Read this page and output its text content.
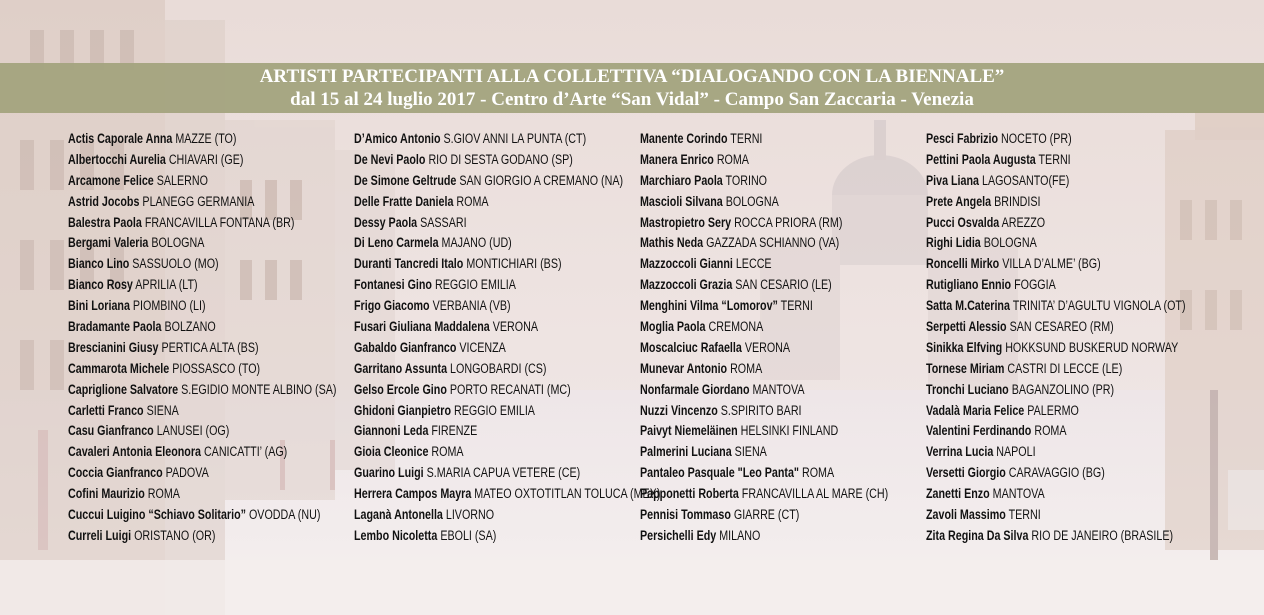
ARTISTI PARTECIPANTI ALLA COLLETTIVA “DIALOGANDO CON LA BIENNALE”
dal 15 al 24 luglio 2017 - Centro d’Arte “San Vidal” - Campo San Zaccaria - Venezia
Actis Caporale Anna MAZZE (TO)
Albertocchi Aurelia CHIAVARI (GE)
Arcamone Felice SALERNO
Astrid Jocobs PLANEGG GERMANIA
Balestra Paola FRANCAVILLA FONTANA (BR)
Bergami Valeria BOLOGNA
Bianco Lino SASSUOLO (MO)
Bianco Rosy APRILIA (LT)
Bini Loriana PIOMBINO (LI)
Bradamante Paola BOLZANO
Brescianini Giusy PERTICA ALTA (BS)
Cammarota Michele PIOSSASCO (TO)
Capriglione Salvatore S.EGIDIO MONTE ALBINO (SA)
Carletti Franco SIENA
Casu Gianfranco LANUSEI (OG)
Cavaleri Antonia Eleonora CANICATTI’ (AG)
Coccia Gianfranco PADOVA
Cofini Maurizio ROMA
Cuccui Luigino “Schiavo Solitario” OVODDA (NU)
Curreli Luigi ORISTANO (OR)
D’Amico Antonio S.GIOV ANNI LA PUNTA (CT)
De Nevi Paolo RIO DI SESTA GODANO (SP)
De Simone Geltrude SAN GIORGIO A CREMANO (NA)
Delle Fratte Daniela ROMA
Dessy Paola SASSARI
Di Leno Carmela MAJANO (UD)
Duranti Tancredi Italo MONTICHIARI (BS)
Fontanesi Gino REGGIO EMILIA
Frigo Giacomo VERBANIA (VB)
Fusari Giuliana Maddalena VERONA
Gabaldo Gianfranco VICENZA
Garritano Assunta LONGOBARDI (CS)
Gelso Ercole Gino PORTO RECANATI (MC)
Ghidoni Gianpietro REGGIO EMILIA
Giannoni Leda FIRENZE
Gioia Cleonice ROMA
Guarino Luigi S.MARIA CAPUA VETERE (CE)
Herrera Campos Mayra MATEO OXTOTITLAN TOLUCA (MEX)
Laganà Antonella LIVORNO
Lembo Nicoletta EBOLI (SA)
Manente Corindo TERNI
Manera Enrico ROMA
Marchiaro Paola TORINO
Mascioli Silvana BOLOGNA
Mastropietro Sery ROCCA PRIORA (RM)
Mathis Neda GAZZADA SCHIANNO (VA)
Mazzoccoli Gianni LECCE
Mazzoccoli Grazia SAN CESARIO (LE)
Menghini Vilma “Lomorov” TERNI
Moglia Paola CREMONA
Moscalciuc Rafaella VERONA
Munevar Antonio ROMA
Nonfarmale Giordano MANTOVA
Nuzzi Vincenzo S.SPIRITO BARI
Paivyt Niemeläinen HELSINKI FINLAND
Palmerini Luciana SIENA
Pantaleo Pasquale "Leo Panta" ROMA
Papponetti Roberta FRANCAVILLA AL MARE (CH)
Pennisi Tommaso GIARRE (CT)
Persichelli Edy MILANO
Pesci Fabrizio NOCETO (PR)
Pettini Paola Augusta TERNI
Piva Liana LAGOSANTO(FE)
Prete Angela BRINDISI
Pucci Osvalda AREZZO
Righi Lidia BOLOGNA
Roncelli Mirko VILLA D’ALME’ (BG)
Rutigliano Ennio FOGGIA
Satta M.Caterina TRINITA’ D’AGULTU VIGNOLA (OT)
Serpetti Alessio SAN CESAREO (RM)
Sinikka Elfving HOKKSUND BUSKERUD NORWAY
Tornese Miriam CASTRI DI LECCE (LE)
Tronchi Luciano BAGANZOLINO (PR)
Vadalà Maria Felice PALERMO
Valentini Ferdinando ROMA
Verrina Lucia NAPOLI
Versetti Giorgio CARAVAGGIO (BG)
Zanetti Enzo MANTOVA
Zavoli Massimo TERNI
Zita Regina Da Silva RIO DE JANEIRO (BRASILE)
